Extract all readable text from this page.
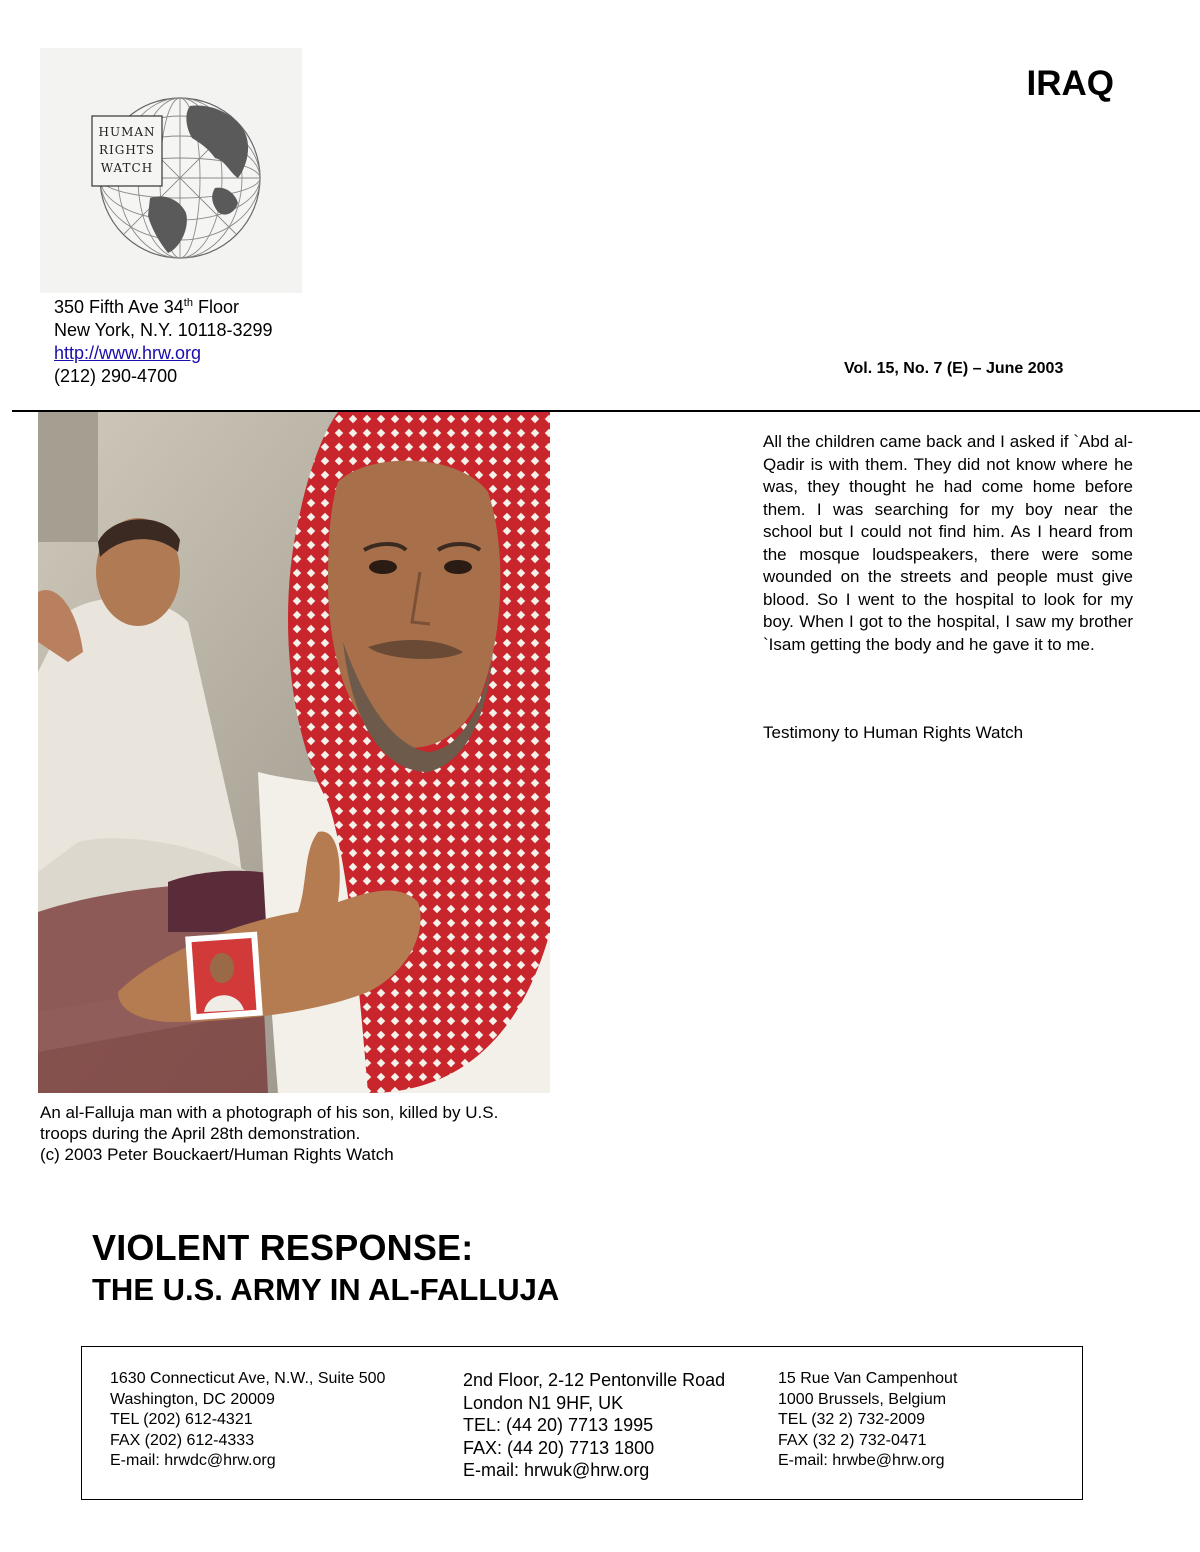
HUMAN
RIGHTS
WATCH
350 Fifth Ave 34th Floor
New York, N.Y. 10118-3299
http://www.hrw.org
(212) 290-4700
IRAQ
Vol. 15, No. 7 (E) – June 2003
An al-Falluja man with a photograph of his son, killed by U.S.
troops during the April 28th demonstration.
(c) 2003 Peter Bouckaert/Human Rights Watch
All the children came back and I asked if `Abd al-Qadir is with them. They did not know where he was, they thought he had come home before them. I was searching for my boy near the school but I could not find him. As I heard from the mosque loudspeakers, there were some wounded on the streets and people must give blood. So I went to the hospital to look for my boy. When I got to the hospital, I saw my brother `Isam getting the body and he gave it to me.
Testimony to Human Rights Watch
VIOLENT RESPONSE:
THE U.S. ARMY IN AL-FALLUJA
1630 Connecticut Ave, N.W., Suite 500
Washington, DC 20009
TEL (202) 612-4321
FAX (202) 612-4333
E-mail: hrwdc@hrw.org
2nd Floor, 2-12 Pentonville Road
London N1 9HF, UK
TEL: (44 20) 7713 1995
FAX: (44 20) 7713 1800
E-mail: hrwuk@hrw.org
15 Rue Van Campenhout
1000 Brussels, Belgium
TEL (32 2) 732-2009
FAX (32 2) 732-0471
E-mail: hrwbe@hrw.org
